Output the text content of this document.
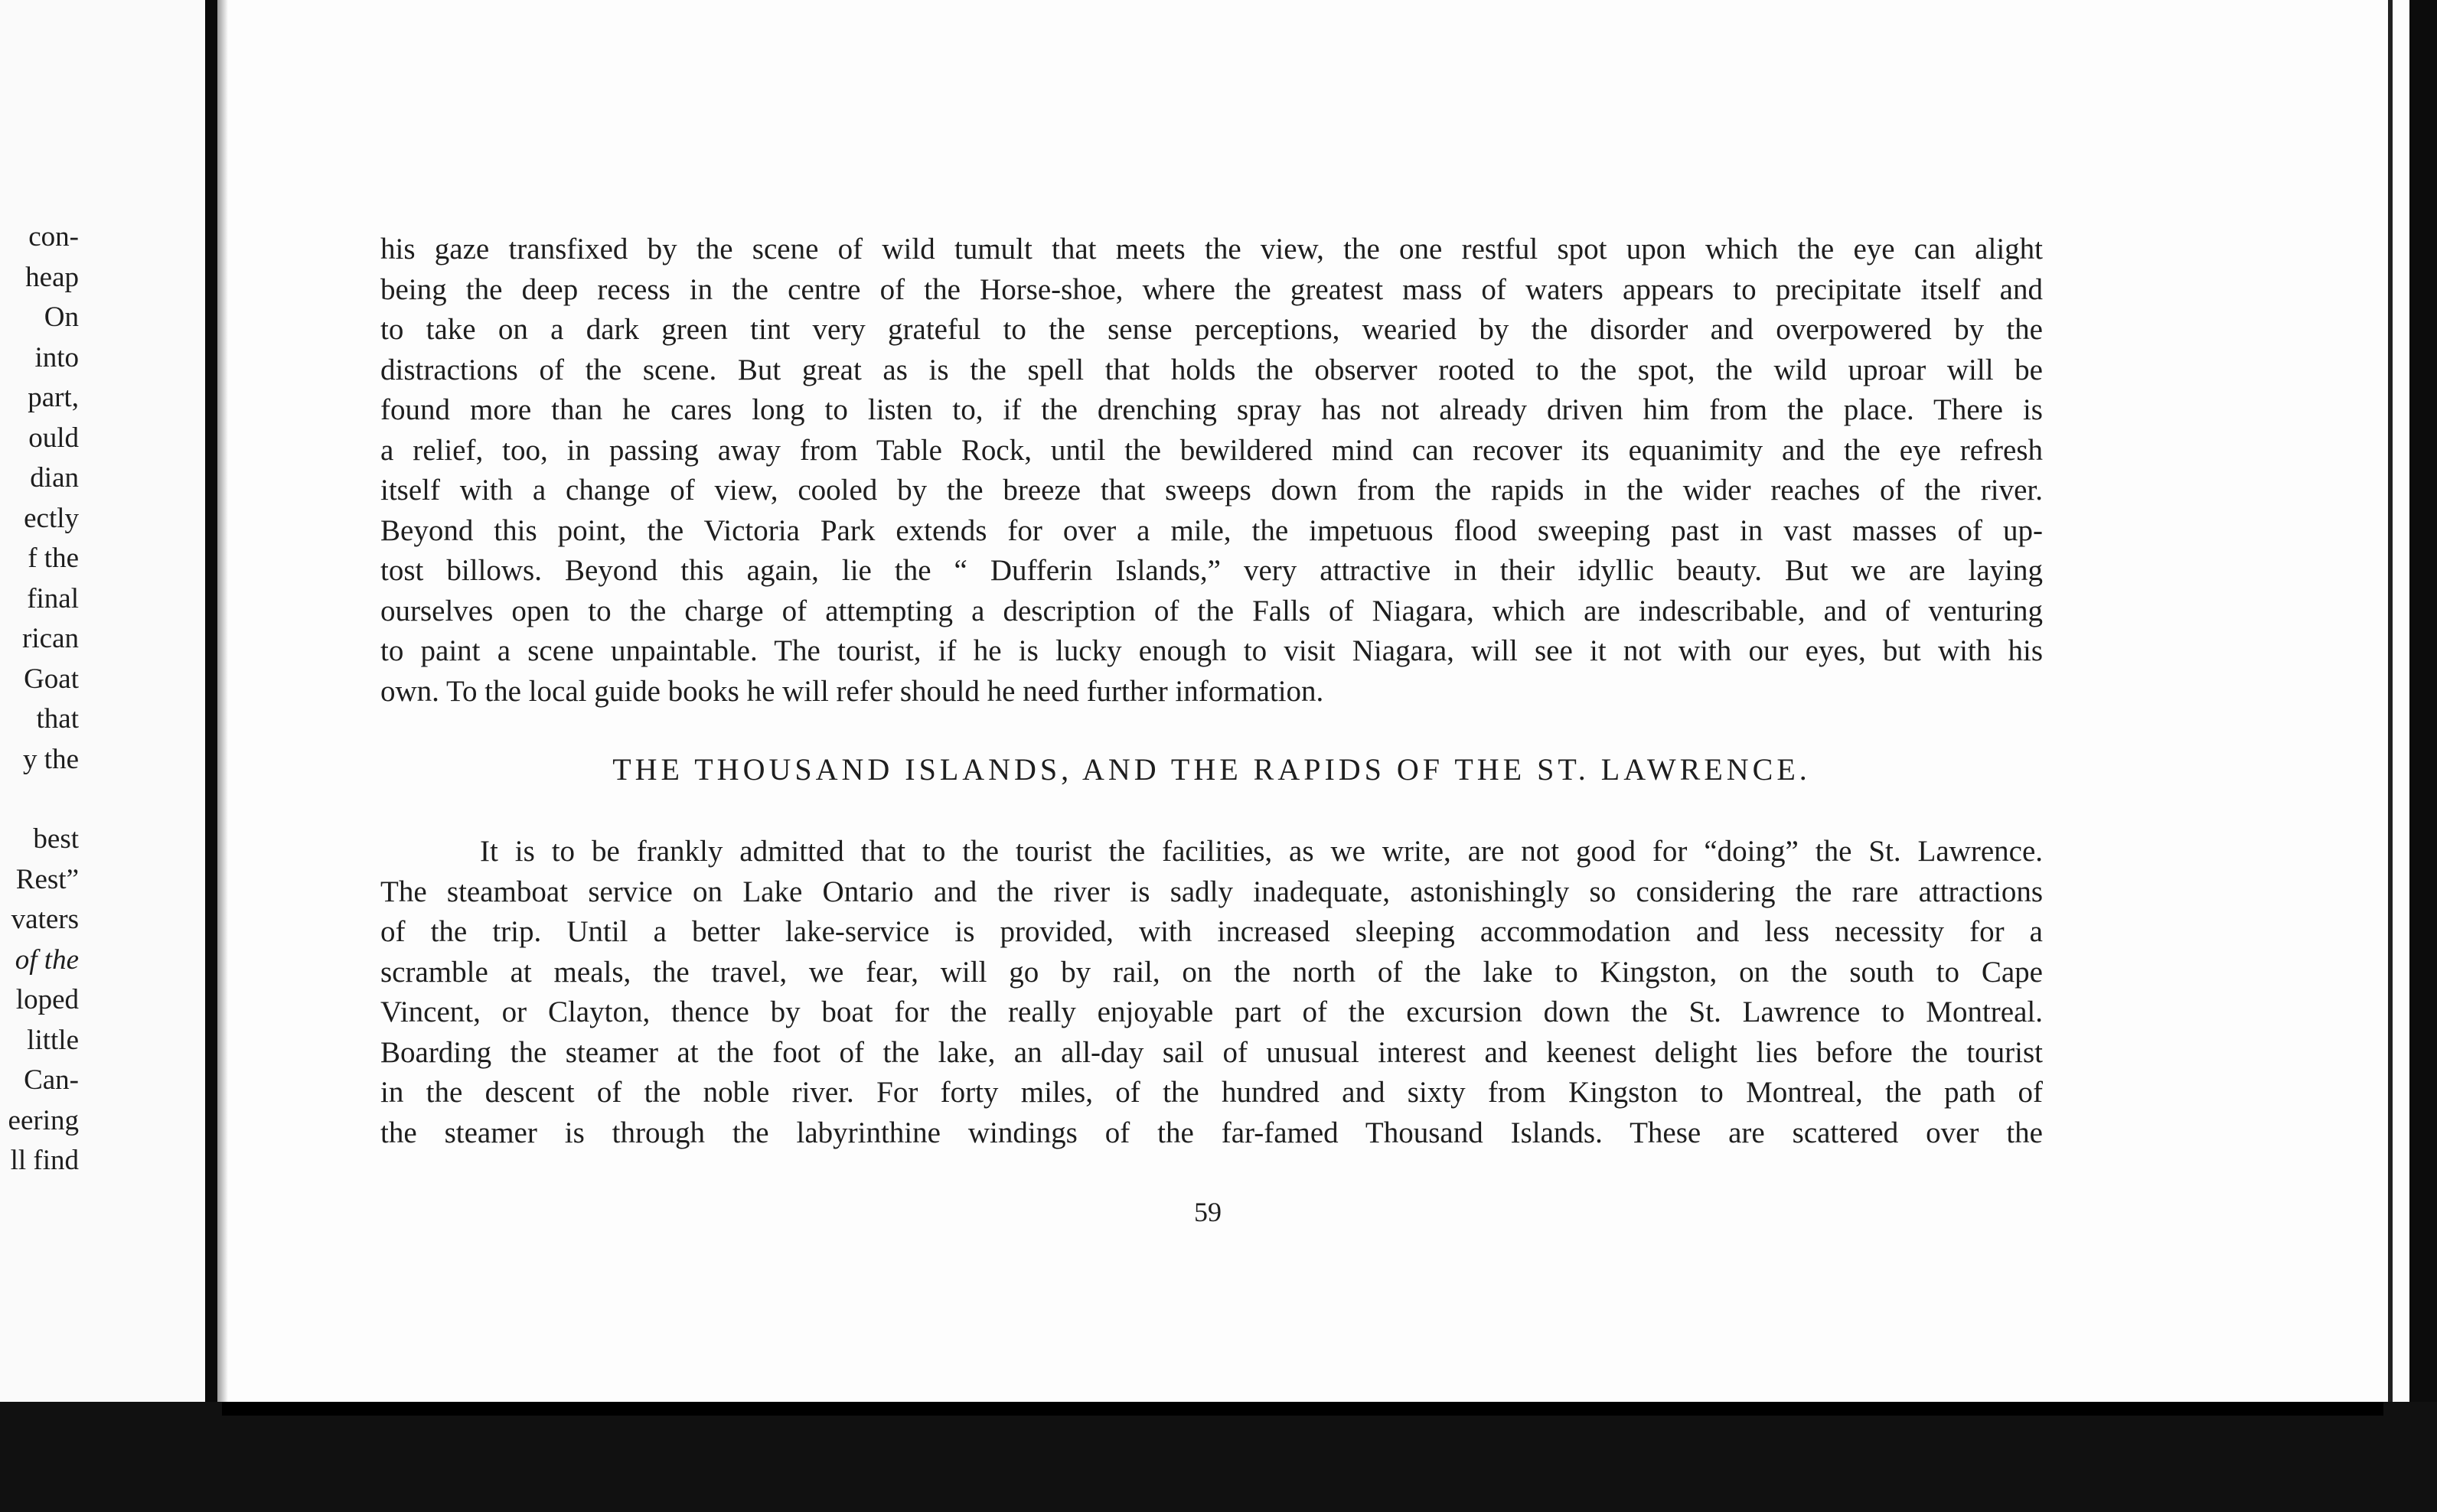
con-
heap
On
into
part,
ould
dian
ectly
f the
final
rican
Goat
that
y the
best
Rest”
vaters
of the
loped
little
Can-
eering
ll find
his gaze transfixed by the scene of wild tumult that meets the view, the one restful spot upon which the eye can alight
being the deep recess in the centre of the Horse-shoe, where the greatest mass of waters appears to precipitate itself and
to take on a dark green tint very grateful to the sense perceptions, wearied by the disorder and overpowered by the
distractions of the scene. But great as is the spell that holds the observer rooted to the spot, the wild uproar will be
found more than he cares long to listen to, if the drenching spray has not already driven him from the place. There is
a relief, too, in passing away from Table Rock, until the bewildered mind can recover its equanimity and the eye refresh
itself with a change of view, cooled by the breeze that sweeps down from the rapids in the wider reaches of the river.
Beyond this point, the Victoria Park extends for over a mile, the impetuous flood sweeping past in vast masses of up-
tost billows. Beyond this again, lie the “ Dufferin Islands,” very attractive in their idyllic beauty. But we are laying
ourselves open to the charge of attempting a description of the Falls of Niagara, which are indescribable, and of venturing
to paint a scene unpaintable. The tourist, if he is lucky enough to visit Niagara, will see it not with our eyes, but with his
own. To the local guide books he will refer should he need further information.
THE THOUSAND ISLANDS, AND THE RAPIDS OF THE ST. LAWRENCE.
It is to be frankly admitted that to the tourist the facilities, as we write, are not good for “doing” the St. Lawrence.
The steamboat service on Lake Ontario and the river is sadly inadequate, astonishingly so considering the rare attractions
of the trip. Until a better lake-service is provided, with increased sleeping accommodation and less necessity for a
scramble at meals, the travel, we fear, will go by rail, on the north of the lake to Kingston, on the south to Cape
Vincent, or Clayton, thence by boat for the really enjoyable part of the excursion down the St. Lawrence to Montreal.
Boarding the steamer at the foot of the lake, an all-day sail of unusual interest and keenest delight lies before the tourist
in the descent of the noble river. For forty miles, of the hundred and sixty from Kingston to Montreal, the path of
the steamer is through the labyrinthine windings of the far-famed Thousand Islands. These are scattered over the
59
